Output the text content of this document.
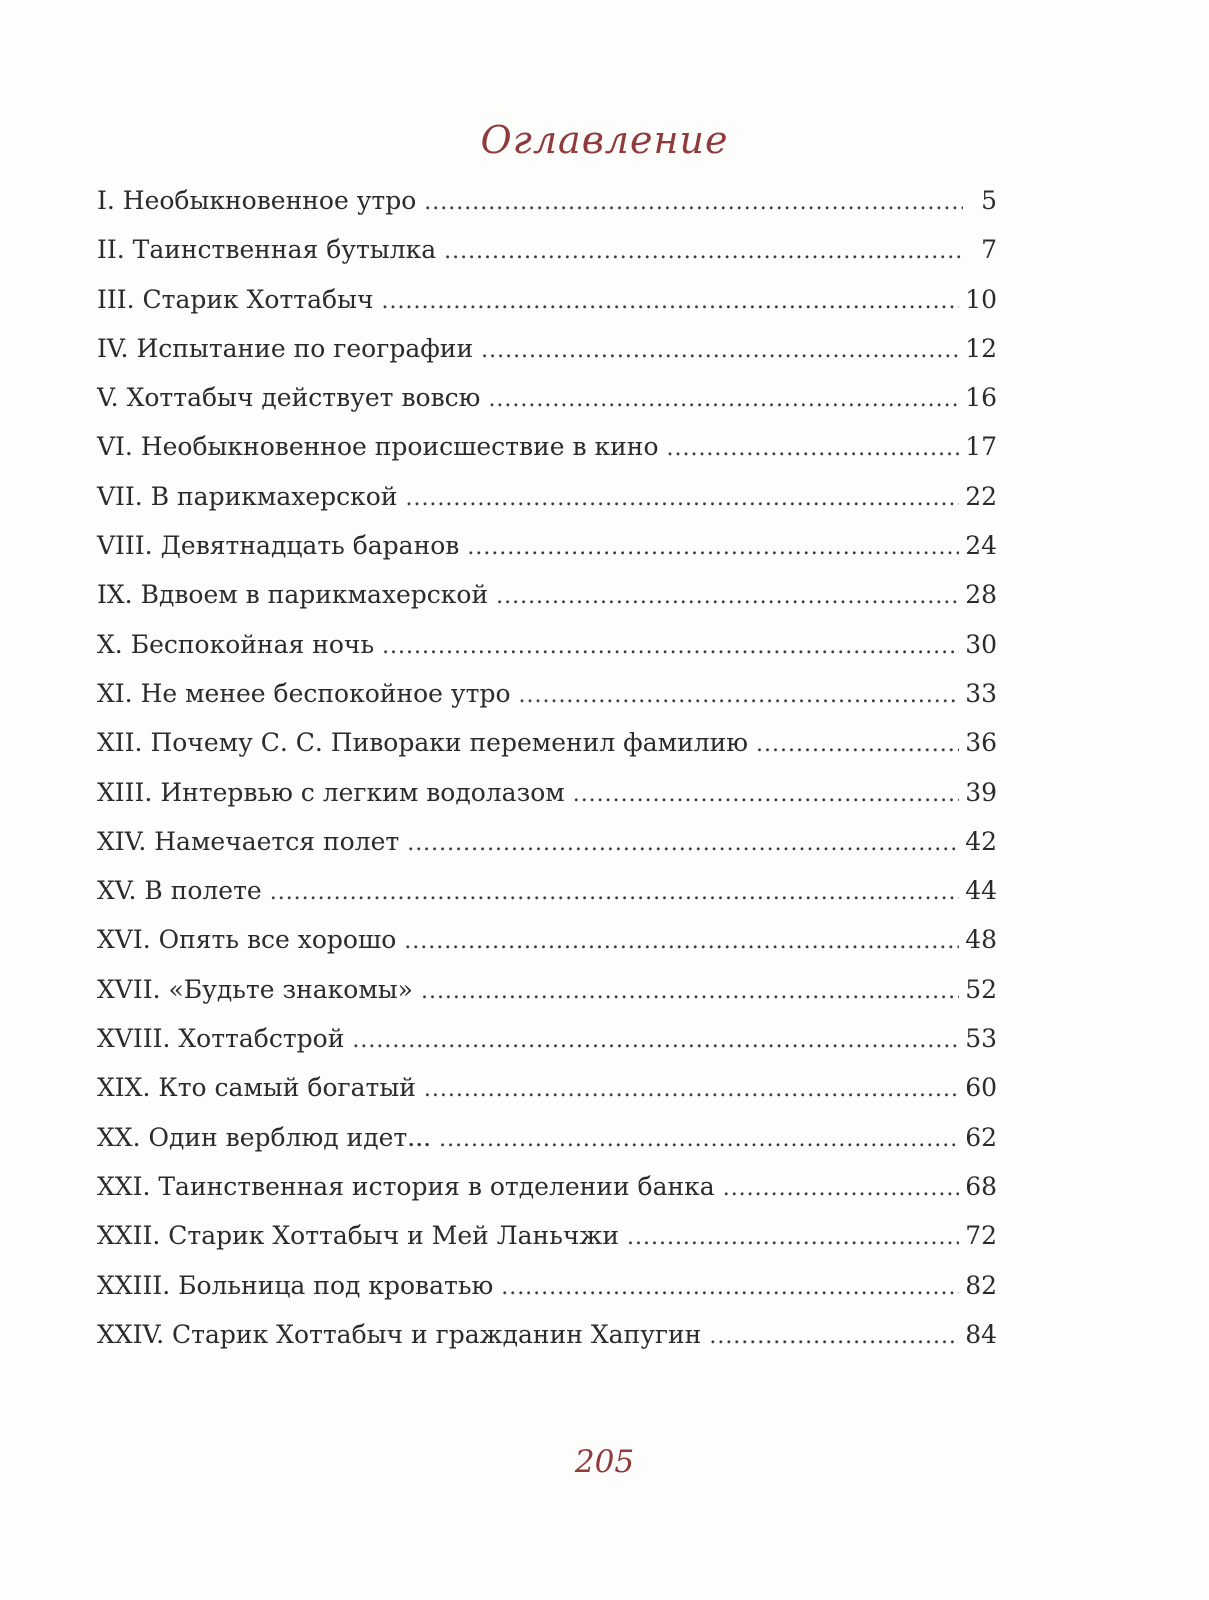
Оглавление
I. Необыкновенное утро . . .	5
II. Таинственная бутылка . . .	7
III. Старик Хоттабыч . . .	10
IV. Испытание по географии . . .	12
V. Хоттабыч действует вовсю . . .	16
VI. Необыкновенное происшествие в кино . . .	17
VII. В парикмахерской . . .	22
VIII. Девятнадцать баранов . . .	24
IX. Вдвоем в парикмахерской . . .	28
X. Беспокойная ночь . . .	30
XI. Не менее беспокойное утро . . .	33
XII. Почему С. С. Пивораки переменил фамилию . . .	36
XIII. Интервью с легким водолазом . . .	39
XIV. Намечается полет . . .	42
XV. В полете . . .	44
XVI. Опять все хорошо . . .	48
XVII. «Будьте знакомы» . . .	52
XVIII. Хоттабстрой . . .	53
XIX. Кто самый богатый . . .	60
XX. Один верблюд идет... . . .	62
XXI. Таинственная история в отделении банка . . .	68
XXII. Старик Хоттабыч и Мей Ланьчжи . . .	72
XXIII. Больница под кроватью . . .	82
XXIV. Старик Хоттабыч и гражданин Хапугин . . .	84
205
